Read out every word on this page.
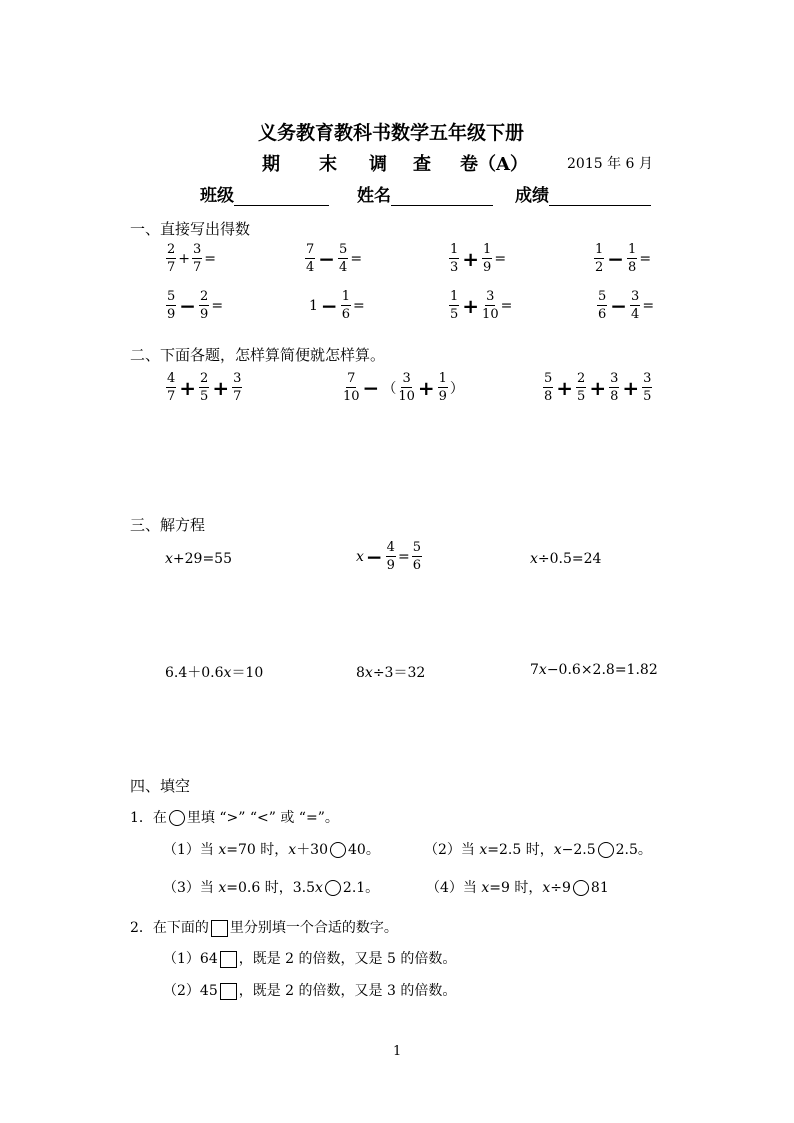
义务教育教科书数学五年级下册
期 末 调 查 卷（A）	2015 年 6 月
班级	姓名	成绩
一、直接写出得数
$\frac{2}{7} + \frac{3}{7}$ =	$\frac{7}{4} - \frac{5}{4}$ =	$\frac{1}{3} + \frac{1}{9}$ =	$\frac{1}{2} - \frac{1}{8}$ =
$\frac{5}{9} - \frac{2}{9}$ =	$1 - \frac{1}{6}$ =	$\frac{1}{5} + \frac{3}{10}$ =	$\frac{5}{6} - \frac{3}{4}$ =
二、下面各题，怎样算简便就怎样算。
$\frac{4}{7} + \frac{2}{5} + \frac{3}{7}$	$\frac{7}{10}$ − （ $\frac{3}{10} + \frac{1}{9}$ ）	$\frac{5}{8} + \frac{2}{5} + \frac{3}{8} + \frac{3}{5}$
三、解方程
x+29=55	$x - \frac{4}{9} = \frac{5}{6}$	x÷0.5=24
6.4＋0.6x＝10	8x÷3＝32	7x−0.6×2.8=1.82
四、填空
1．在 里填 “>” “<” 或 “=”。
（1）当 x=70 时，x＋30 40。	（2）当 x=2.5 时，x−2.5 2.5。
（3）当 x=0.6 时，3.5x 2.1。	（4）当 x=9 时，x÷9 81
2．在下面的 里分别填一个合适的数字。
（1）64 ，既是 2 的倍数，又是 5 的倍数。
（2）45 ，既是 2 的倍数，又是 3 的倍数。
1
